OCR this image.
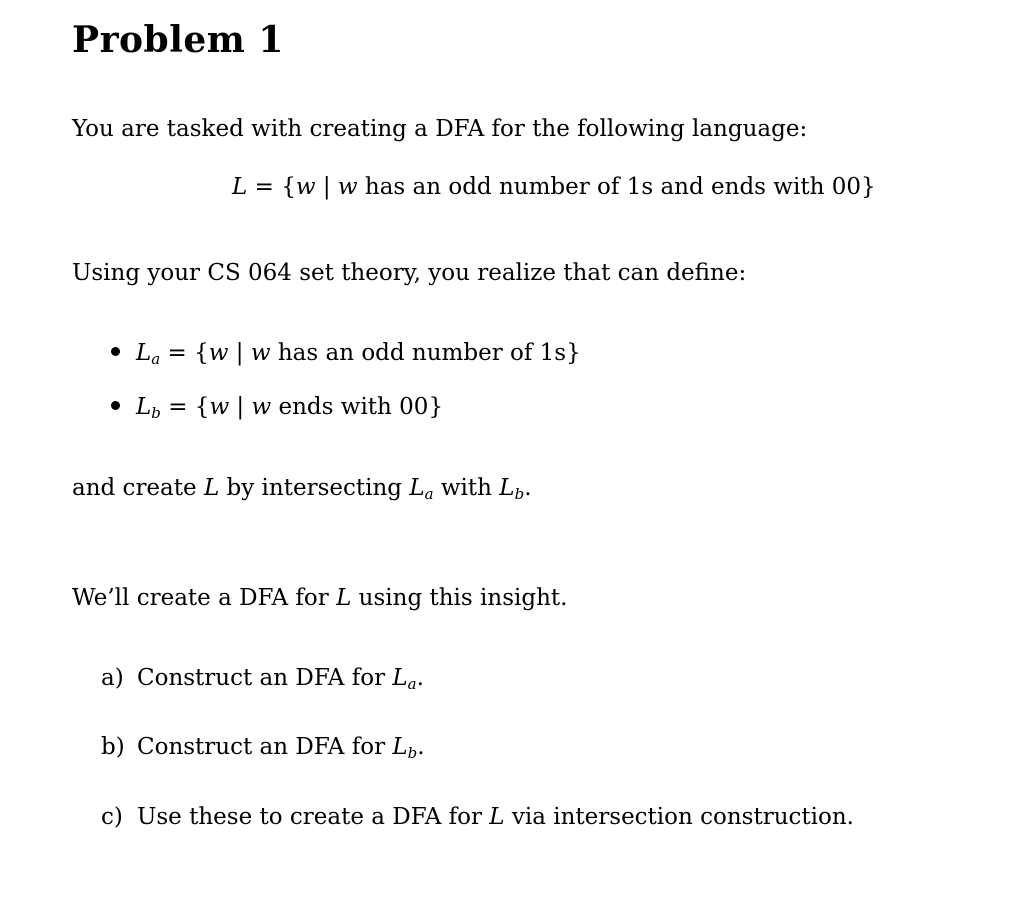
Problem 1
You are tasked with creating a DFA for the following language:
L = {w | w has an odd number of 1s and ends with 00}
Using your CS 064 set theory, you realize that can define:
$L_a = \{w$ | w has an odd number of 1s}
$L_b = \{w$ | w ends with 00}
and create L by intersecting $L_a$ with $L_b$.
We’ll create a DFA for L using this insight.
a) Construct an DFA for $L_a$.
b) Construct an DFA for $L_b$.
c) Use these to create a DFA for L via intersection construction.
